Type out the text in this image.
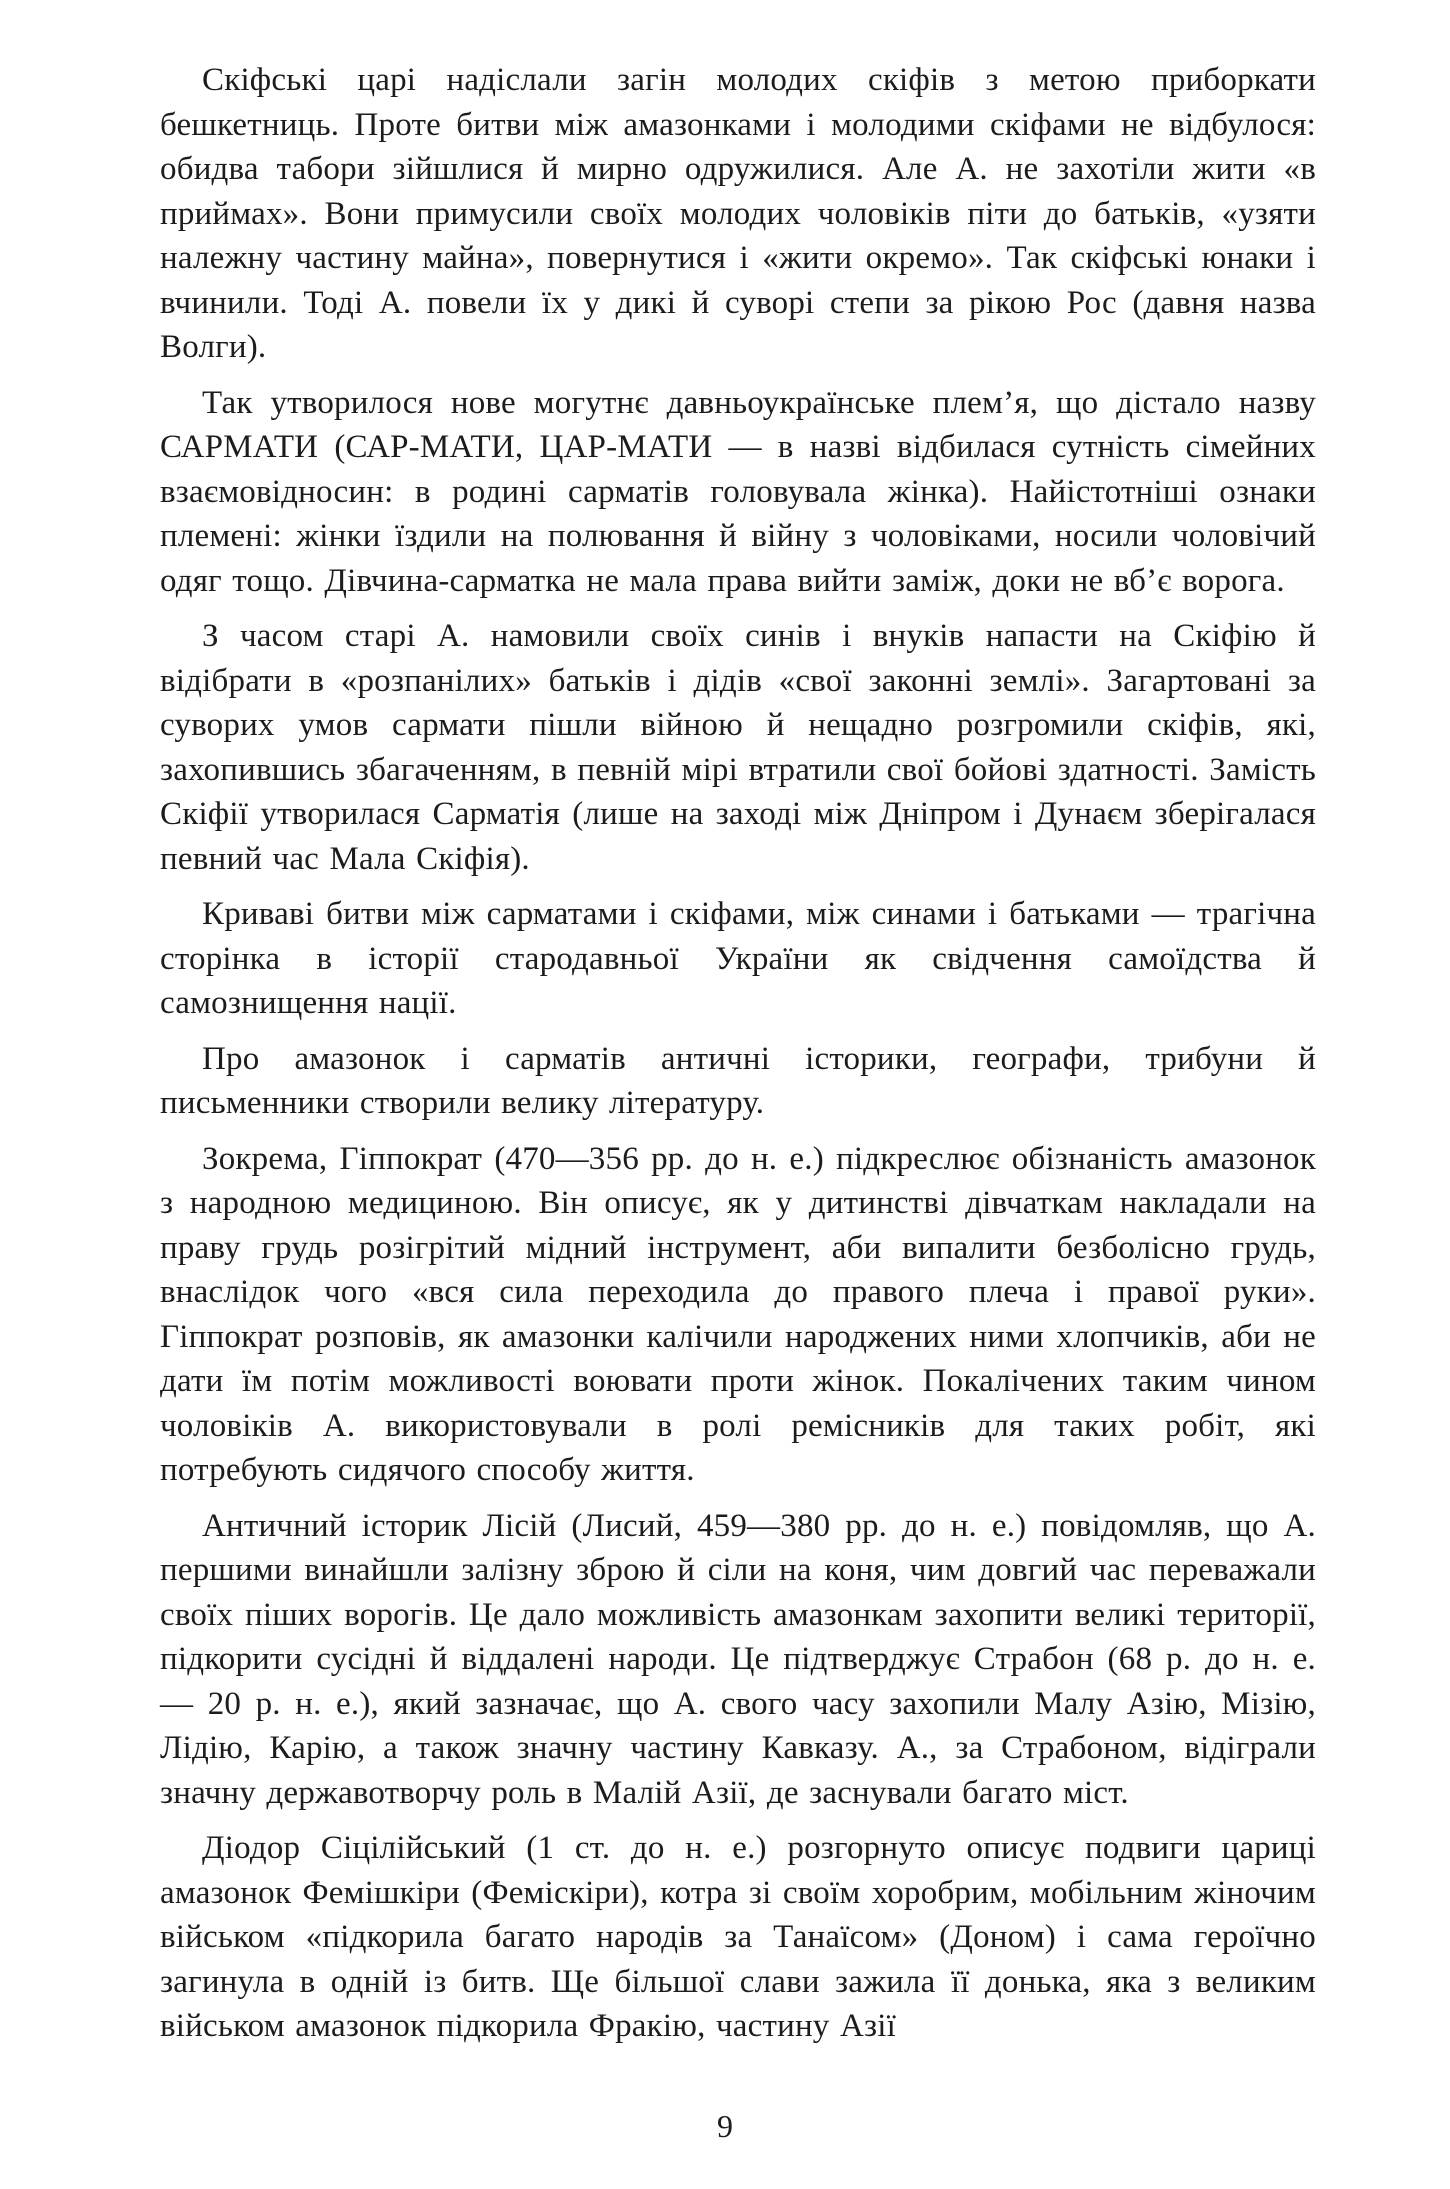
Скіфські царі надіслали загін молодих скіфів з метою приборкати бешкетниць. Проте битви між амазонками і молодими скіфами не відбулося: обидва табори зійшлися й мирно одружилися. Але А. не захотіли жити «в приймах». Вони примусили своїх молодих чоловіків піти до батьків, «узяти належну частину майна», повернутися і «жити окремо». Так скіфські юнаки і вчинили. Тоді А. повели їх у дикі й суворі степи за рікою Рос (давня назва Волги).

Так утворилося нове могутнє давньоукраїнське плем’я, що дістало назву САРМАТИ (САР-МАТИ, ЦАР-МАТИ — в назві відбилася сутність сімейних взаємовідносин: в родині сарматів головувала жінка). Найістотніші ознаки племені: жінки їздили на полювання й війну з чоловіками, носили чоловічий одяг тощо. Дівчина-сарматка не мала права вийти заміж, доки не вб’є ворога.

З часом старі А. намовили своїх синів і внуків напасти на Скіфію й відібрати в «розпанілих» батьків і дідів «свої законні землі». Загартовані за суворих умов сармати пішли війною й нещадно розгромили скіфів, які, захопившись збагаченням, в певній мірі втратили свої бойові здатності. Замість Скіфії утворилася Сарматія (лише на заході між Дніпром і Дунаєм зберігалася певний час Мала Скіфія).

Криваві битви між сарматами і скіфами, між синами і батьками — трагічна сторінка в історії стародавньої України як свідчення самоїдства й самознищення нації.

Про амазонок і сарматів античні історики, географи, трибуни й письменники створили велику літературу.

Зокрема, Гіппократ (470—356 рр. до н. е.) підкреслює обізнаність амазонок з народною медициною. Він описує, як у дитинстві дівчаткам накладали на праву грудь розігрітий мідний інструмент, аби випалити безболісно грудь, внаслідок чого «вся сила переходила до правого плеча і правої руки». Гіппократ розповів, як амазонки калічили народжених ними хлопчиків, аби не дати їм потім можливості воювати проти жінок. Покалічених таким чином чоловіків А. використовували в ролі ремісників для таких робіт, які потребують сидячого способу життя.

Античний історик Лісій (Лисий, 459—380 рр. до н. е.) повідомляв, що А. першими винайшли залізну зброю й сіли на коня, чим довгий час переважали своїх піших ворогів. Це дало можливість амазонкам захопити великі території, підкорити сусідні й віддалені народи. Це підтверджує Страбон (68 р. до н. е. — 20 р. н. е.), який зазначає, що А. свого часу захопили Малу Азію, Мізію, Лідію, Карію, а також значну частину Кавказу. А., за Страбоном, відіграли значну державотворчу роль в Малій Азії, де заснували багато міст.

Діодор Сіцілійський (1 ст. до н. е.) розгорнуто описує подвиги цариці амазонок Фемішкіри (Феміскіри), котра зі своїм хоробрим, мобільним жіночим військом «підкорила багато народів за Танаїсом» (Доном) і сама героїчно загинула в одній із битв. Ще більшої слави зажила її донька, яка з великим військом амазонок підкорила Фракію, частину Азії

9
